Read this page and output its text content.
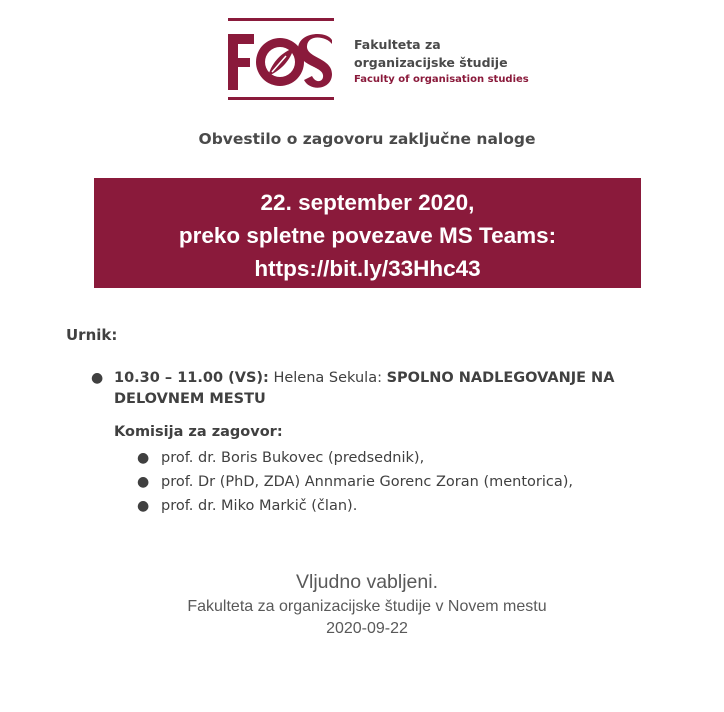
Fakulteta za
organizacijske študije
Faculty of organisation studies
Obvestilo o zagovoru zaključne naloge
22. september 2020,
preko spletne povezave MS Teams:
https://bit.ly/33Hhc43
Urnik:
● 10.30 – 11.00 (VS): Helena Sekula: SPOLNO NADLEGOVANJE NA DELOVNEM MESTU
Komisija za zagovor:
● prof. dr. Boris Bukovec (predsednik),
● prof. Dr (PhD, ZDA) Annmarie Gorenc Zoran (mentorica),
● prof. dr. Miko Markič (član).
Vljudno vabljeni.
Fakulteta za organizacijske študije v Novem mestu
2020-09-22
